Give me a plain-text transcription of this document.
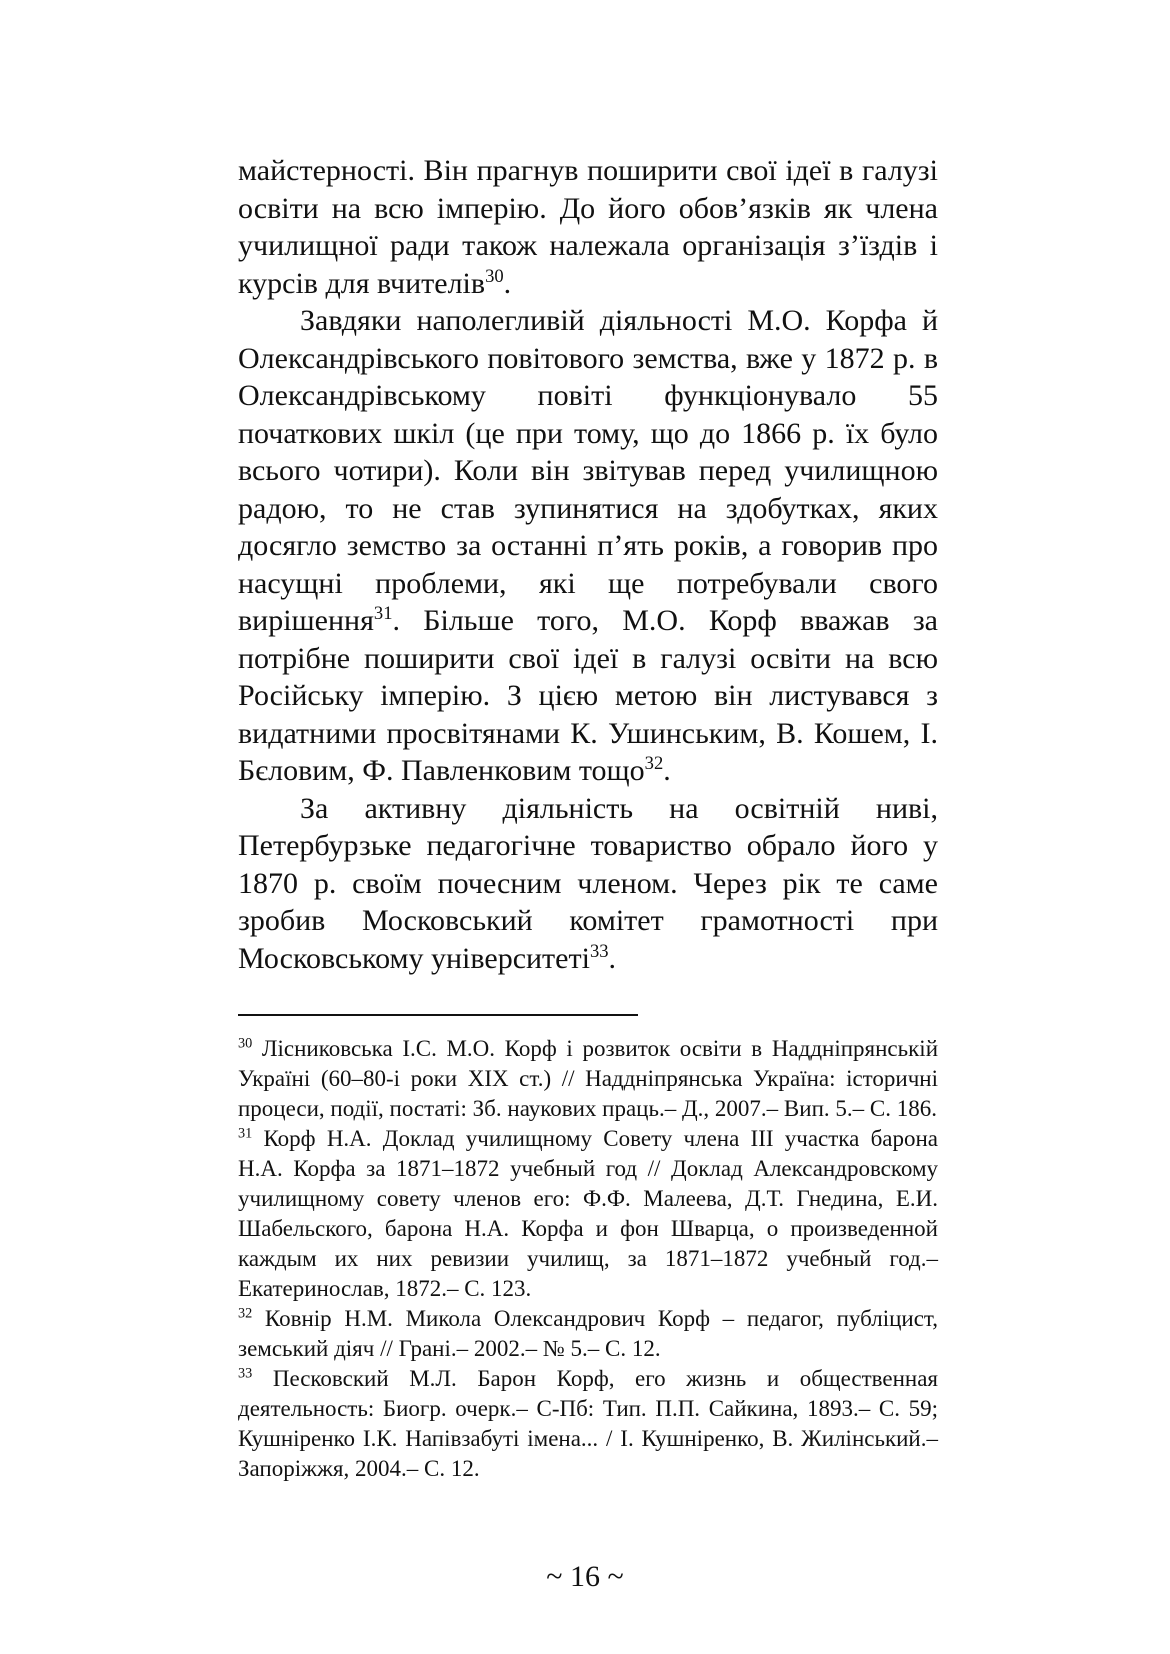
майстерності. Він прагнув поширити свої ідеї в галузі освіти на всю імперію. До його обов’язків як члена училищної ради також належала організація з’їздів і курсів для вчителів$^{30}$.

Завдяки наполегливій діяльності М.О. Корфа й Олександрівського повітового земства, вже у 1872 р. в Олександрівському повіті функціонувало 55 початкових шкіл (це при тому, що до 1866 р. їх було всього чотири). Коли він звітував перед училищною радою, то не став зупинятися на здобутках, яких досягло земство за останні п’ять років, а говорив про насущні проблеми, які ще потребували свого вирішення$^{31}$. Більше того, М.О. Корф вважав за потрібне поширити свої ідеї в галузі освіти на всю Російську імперію. З цією метою він листувався з видатними просвітянами К. Ушинським, В. Кошем, І. Бєловим, Ф. Павленковим тощо$^{32}$.

За активну діяльність на освітній ниві, Петербурзьке педагогічне товариство обрало його у 1870 р. своїм почесним членом. Через рік те саме зробив Московський комітет грамотності при Московському університеті$^{33}$.

$^{30}$ Лісниковська І.С. М.О. Корф і розвиток освіти в Наддніпрянській Україні (60–80-і роки ХІХ ст.) // Наддніпрянська Україна: історичні процеси, події, постаті: Зб. наукових праць.– Д., 2007.– Вип. 5.– С. 186.

$^{31}$ Корф Н.А. Доклад училищному Совету члена ІІІ участка барона Н.А. Корфа за 1871–1872 учебный год // Доклад Александровскому училищному совету членов его: Ф.Ф. Малеева, Д.Т. Гнедина, Е.И. Шабельского, барона Н.А. Корфа и фон Шварца, о произведенной каждым их них ревизии училищ, за 1871–1872 учебный год.– Екатеринослав, 1872.– С. 123.

$^{32}$ Ковнір Н.М. Микола Олександрович Корф – педагог, публіцист, земський діяч // Грані.– 2002.– № 5.– С. 12.

$^{33}$ Песковский М.Л. Барон Корф, его жизнь и общественная деятельность: Биогр. очерк.– С-Пб: Тип. П.П. Сайкина, 1893.– С. 59; Кушніренко І.К. Напівзабуті імена... / І. Кушніренко, В. Жилінський.– Запоріжжя, 2004.– С. 12.

~ 16 ~
